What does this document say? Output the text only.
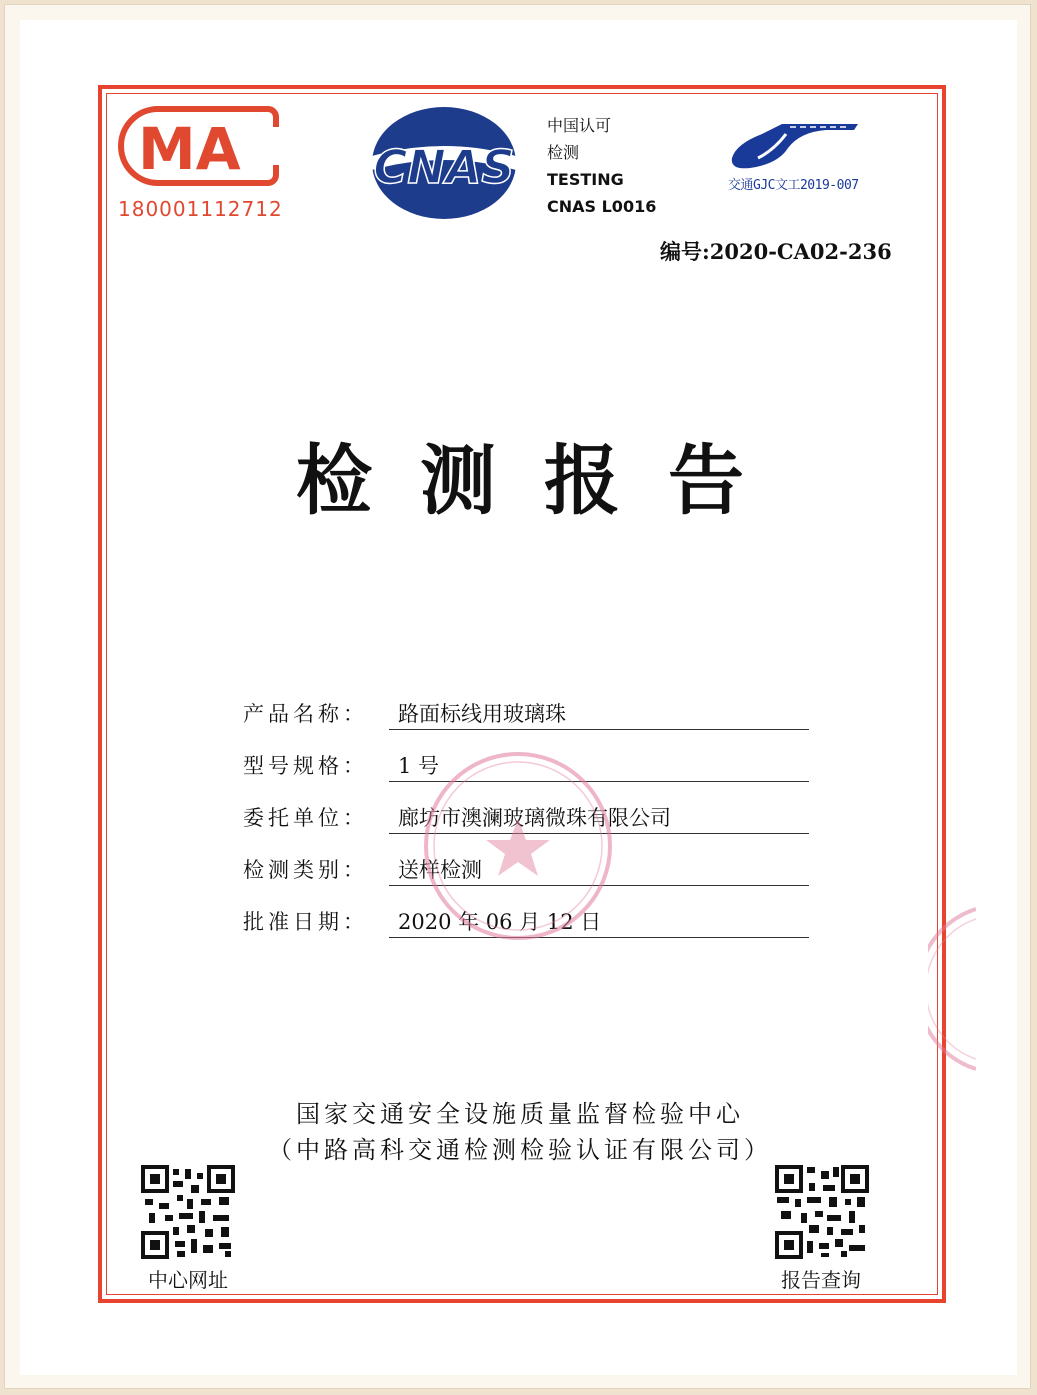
MA
180001112712
CNAS
中国认可
检测
TESTING
CNAS L0016
交通GJC文工2019-007
编号:2020-CA02-236
检测报告
产品名称：	路面标线用玻璃珠
型号规格：	1 号
委托单位：	廊坊市澳澜玻璃微珠有限公司
检测类别：	送样检测
批准日期：	2020 年 06 月 12 日
国家交通安全设施质量监督检验中心
（中路高科交通检测检验认证有限公司）
中心网址	报告查询
